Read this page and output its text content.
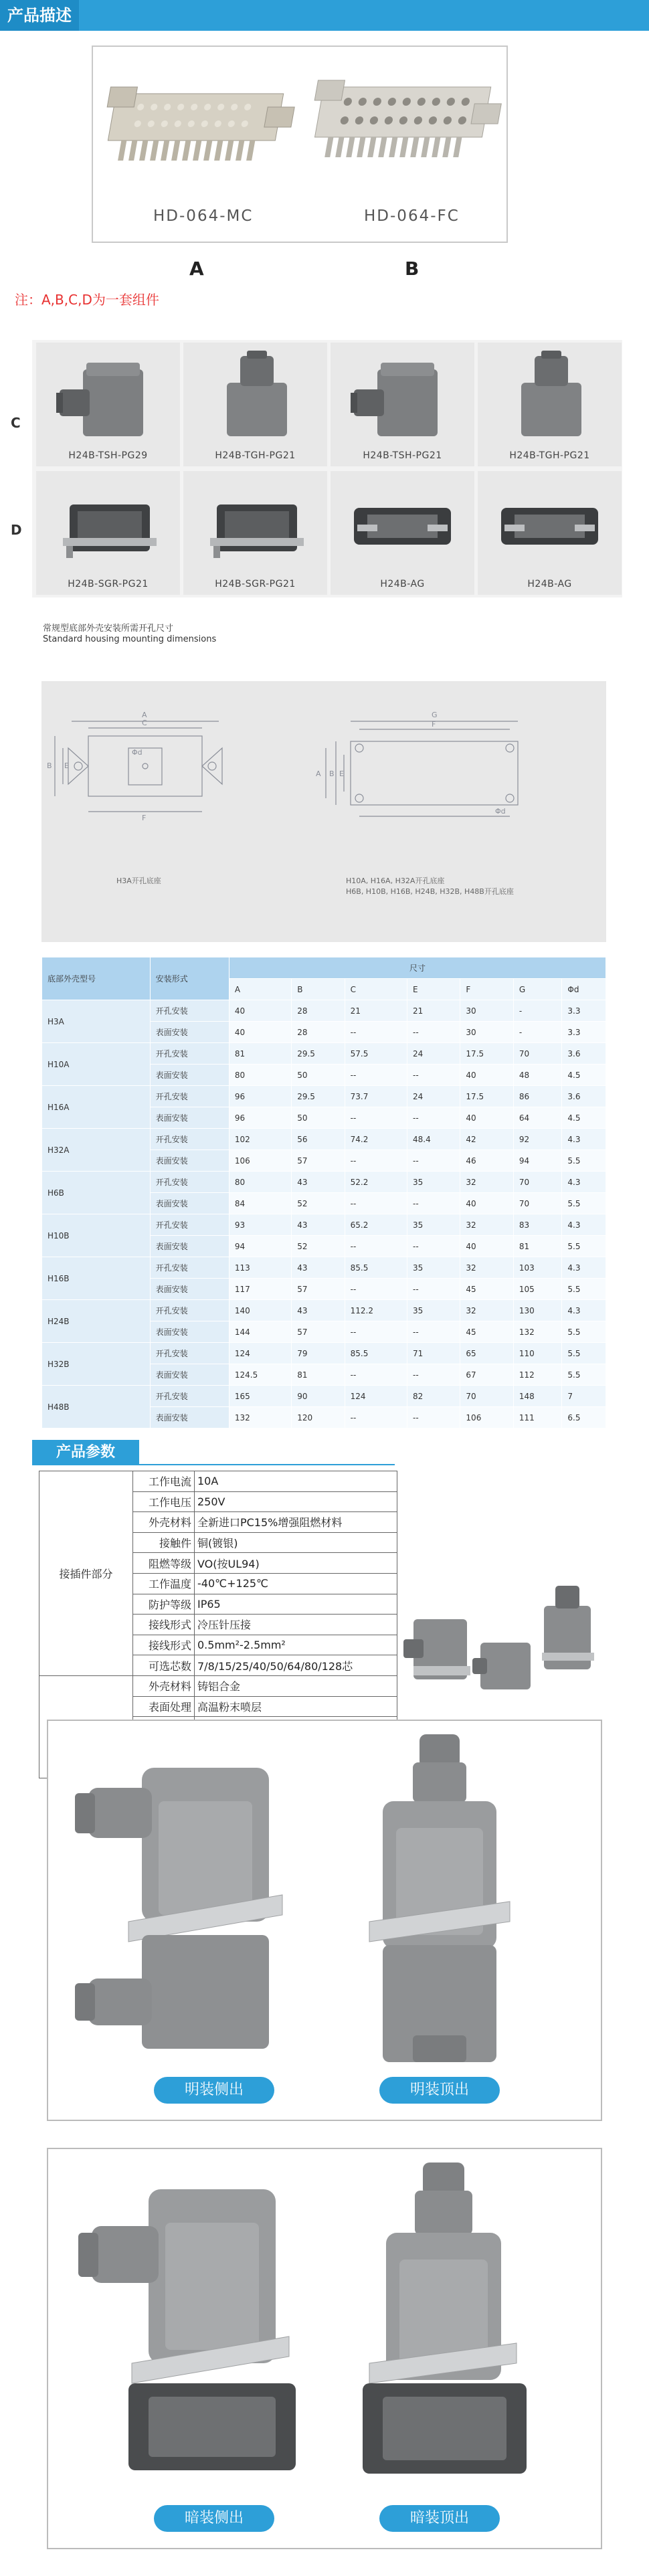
产品描述
HD-064-MC	HD-064-FC
A	B
注：A,B,C,D为一套组件
C
D
H24B-TSH-PG29	H24B-TGH-PG21	H24B-TSH-PG21	H24B-TGH-PG21
H24B-SGR-PG21	H24B-SGR-PG21	H24B-AG	H24B-AG
常规型底部外壳安装所需开孔尺寸
Standard housing mounting dimensions
A
C
Φd
B E
F
G
F
Φd
A B E
H3A开孔底座	H10A, H16A, H32A开孔底座
H6B, H10B, H16B, H24B, H32B, H48B开孔底座
底部外壳型号	安装形式	尺寸						
		A	B	C	E	F	G	Φd
H3A	开孔安装	40	28	21	21	30	-	3.3
	表面安装	40	28	--	--	30	-	3.3
H10A	开孔安装	81	29.5	57.5	24	17.5	70	3.6
	表面安装	80	50	--	--	40	48	4.5
H16A	开孔安装	96	29.5	73.7	24	17.5	86	3.6
	表面安装	96	50	--	--	40	64	4.5
H32A	开孔安装	102	56	74.2	48.4	42	92	4.3
	表面安装	106	57	--	--	46	94	5.5
H6B	开孔安装	80	43	52.2	35	32	70	4.3
	表面安装	84	52	--	--	40	70	5.5
H10B	开孔安装	93	43	65.2	35	32	83	4.3
	表面安装	94	52	--	--	40	81	5.5
H16B	开孔安装	113	43	85.5	35	32	103	4.3
	表面安装	117	57	--	--	45	105	5.5
H24B	开孔安装	140	43	112.2	35	32	130	4.3
	表面安装	144	57	--	--	45	132	5.5
H32B	开孔安装	124	79	85.5	71	65	110	5.5
	表面安装	124.5	81	--	--	67	112	5.5
H48B	开孔安装	165	90	124	82	70	148	7
	表面安装	132	120	--	--	106	111	6.5
产品参数
接插件部分	工作电流	10A
	工作电压	250V
	外壳材料	全新进口PC15%增强阻燃材料
	接触件	铜(镀银)
	阻燃等级	VO(按UL94)
	工作温度	-40℃+125℃
	防护等级	IP65
	接线形式	冷压针压接
	接线形式	0.5mm²-2.5mm²
	可选芯数	7/8/15/25/40/50/64/80/128芯
	外壳材料	铸铝合金
	表面处理	高温粉末喷层

明装侧出	明装顶出
暗装侧出	暗装顶出
